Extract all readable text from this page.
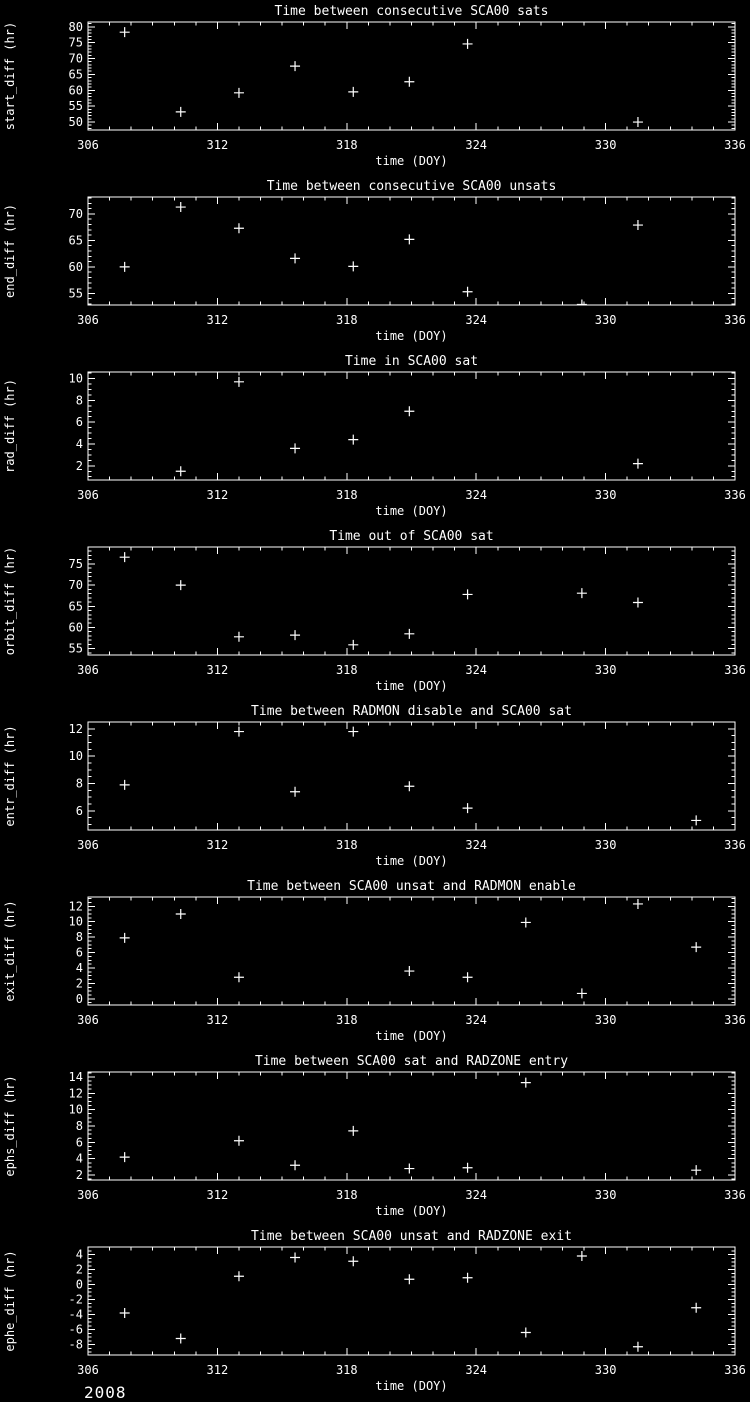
Time between consecutive SCA00 sats
50
55
60
65
70
75
80
306	312	318	324	330	336
time (DOY)
start_diff (hr)
Time between consecutive SCA00 unsats
55
60
65
70
306	312	318	324	330	336
time (DOY)
end_diff (hr)
Time in SCA00 sat
2
4
6
8
10
306	312	318	324	330	336
time (DOY)
rad_diff (hr)
Time out of SCA00 sat
55
60
65
70
75
306	312	318	324	330	336
time (DOY)
orbit_diff (hr)
Time between RADMON disable and SCA00 sat
6
8
10
12
306	312	318	324	330	336
time (DOY)
entr_diff (hr)
Time between SCA00 unsat and RADMON enable
0
2
4
6
8
10
12
306	312	318	324	330	336
time (DOY)
exit_diff (hr)
Time between SCA00 sat and RADZONE entry
2
4
6
8
10
12
14
306	312	318	324	330	336
time (DOY)
ephs_diff (hr)
Time between SCA00 unsat and RADZONE exit
-8
-6
-4
-2
0
2
4
306	312	318	324	330	336
time (DOY)
ephe_diff (hr)
2008
